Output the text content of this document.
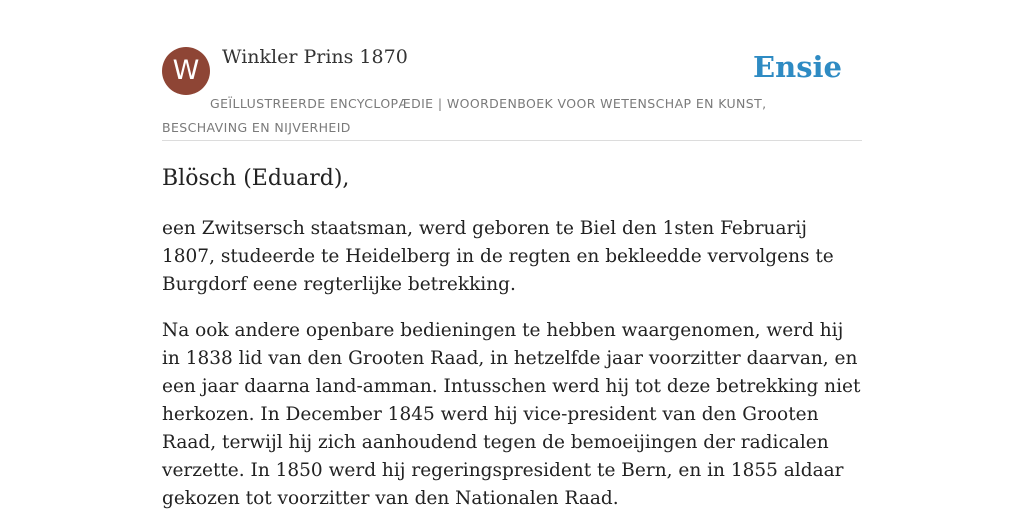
W	Winkler Prins 1870
GEÏLLUSTREERDE ENCYCLOPÆDIE | WOORDENBOEK VOOR WETENSCHAP EN KUNST, BESCHAVING EN NIJVERHEID
Ensie
Blösch (Eduard),

een Zwitsersch staatsman, werd geboren te Biel den 1sten Februarij 1807, studeerde te Heidelberg in de regten en bekleedde vervolgens te Burgdorf eene regterlijke betrekking.

Na ook andere openbare bedieningen te hebben waargenomen, werd hij in 1838 lid van den Grooten Raad, in hetzelfde jaar voorzitter daarvan, en een jaar daarna land-amman. Intusschen werd hij tot deze betrekking niet herkozen. In December 1845 werd hij vice-president van den Grooten Raad, terwijl hij zich aanhoudend tegen de bemoeijingen der radicalen verzette. In 1850 werd hij regeringspresident te Bern, en in 1855 aldaar gekozen tot voorzitter van den Nationalen Raad.
